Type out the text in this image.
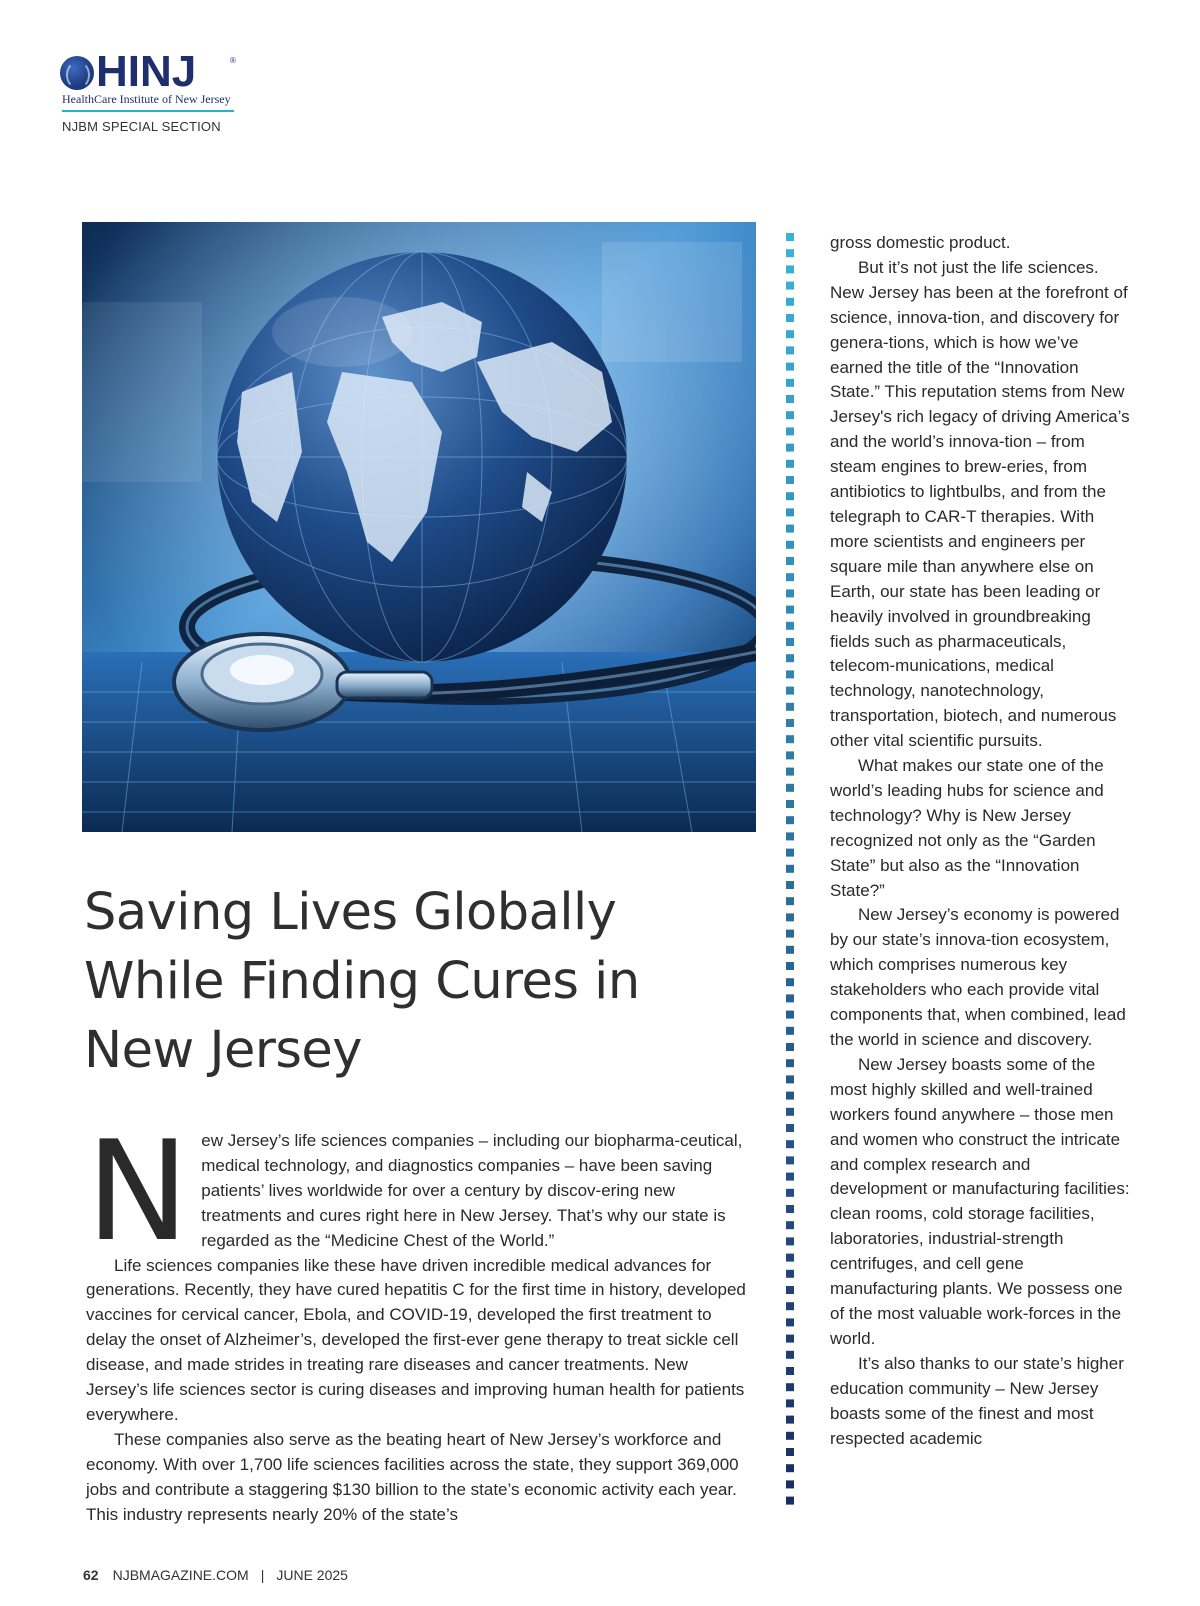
HINJ	®
HealthCare Institute of New Jersey
NJBM SPECIAL SECTION
Saving Lives Globally While Finding Cures in New Jersey

New Jersey’s life sciences companies – including our biopharma-ceutical, medical technology, and diagnostics companies – have been saving patients’ lives worldwide for over a century by discov-ering new treatments and cures right here in New Jersey. That’s why our state is regarded as the “Medicine Chest of the World.”

Life sciences companies like these have driven incredible medical advances for generations. Recently, they have cured hepatitis C for the first time in history, developed vaccines for cervical cancer, Ebola, and COVID-19, developed the first treatment to delay the onset of Alzheimer’s, developed the first-ever gene therapy to treat sickle cell disease, and made strides in treating rare diseases and cancer treatments. New Jersey’s life sciences sector is curing diseases and improving human health for patients everywhere.

These companies also serve as the beating heart of New Jersey’s workforce and economy. With over 1,700 life sciences facilities across the state, they support 369,000 jobs and contribute a staggering $130 billion to the state’s economic activity each year. This industry represents nearly 20% of the state’s

gross domestic product.

But it’s not just the life sciences. New Jersey has been at the forefront of science, innova-tion, and discovery for genera-tions, which is how we’ve earned the title of the “Innovation State.” This reputation stems from New Jersey's rich legacy of driving America’s and the world’s innova-tion – from steam engines to brew-eries, from antibiotics to lightbulbs, and from the telegraph to CAR-T therapies. With more scientists and engineers per square mile than anywhere else on Earth, our state has been leading or heavily involved in groundbreaking fields such as pharmaceuticals, telecom-munications, medical technology, nanotechnology, transportation, biotech, and numerous other vital scientific pursuits.

What makes our state one of the world’s leading hubs for science and technology? Why is New Jersey recognized not only as the “Garden State” but also as the “Innovation State?”

New Jersey’s economy is powered by our state’s innova-tion ecosystem, which comprises numerous key stakeholders who each provide vital components that, when combined, lead the world in science and discovery.

New Jersey boasts some of the most highly skilled and well-trained workers found anywhere – those men and women who construct the intricate and complex research and development or manufacturing facilities: clean rooms, cold storage facilities, laboratories, industrial-strength centrifuges, and cell gene manufacturing plants. We possess one of the most valuable work-forces in the world.

It’s also thanks to our state’s higher education community – New Jersey boasts some of the finest and most respected academic

62 NJBMAGAZINE.COM | JUNE 2025
